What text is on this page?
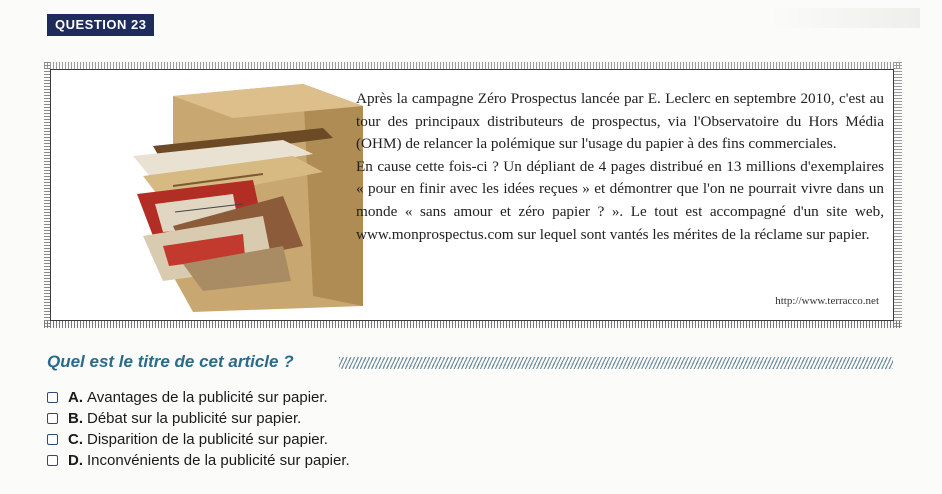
QUESTION 23

Après la campagne Zéro Prospectus lancée par E. Leclerc en septembre 2010, c'est au tour des principaux distributeurs de prospectus, via l'Observatoire du Hors Média (OHM) de relancer la polémique sur l'usage du papier à des fins commerciales.

En cause cette fois-ci ? Un dépliant de 4 pages distribué en 13 millions d'exemplaires « pour en finir avec les idées reçues » et démontrer que l'on ne pourrait vivre dans un monde « sans amour et zéro papier ? ». Le tout est accompagné d'un site web, www.monprospectus.com sur lequel sont vantés les mérites de la réclame sur papier.

http://www.terracco.net
Quel est le titre de cet article ?
A. Avantages de la publicité sur papier.
B. Débat sur la publicité sur papier.
C. Disparition de la publicité sur papier.
D. Inconvénients de la publicité sur papier.
